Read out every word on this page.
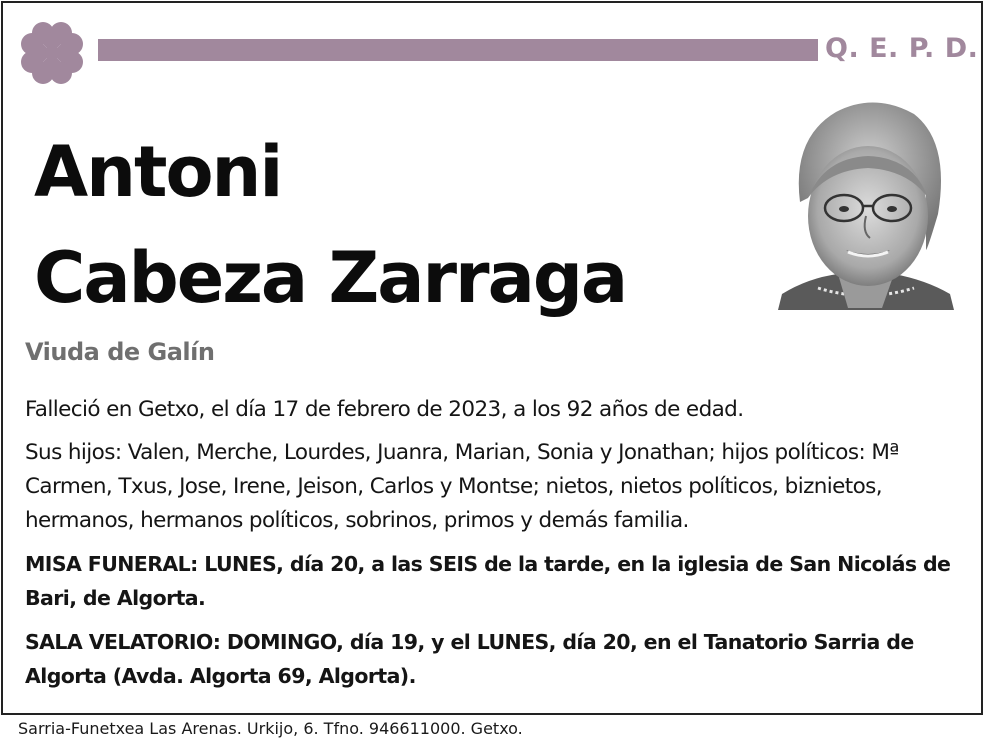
Q. E. P. D.
Antoni
Cabeza Zarraga
Viuda de Galín
Falleció en Getxo, el día 17 de febrero de 2023, a los 92 años de edad.
Sus hijos: Valen, Merche, Lourdes, Juanra, Marian, Sonia y Jonathan; hijos políticos: Mª Carmen, Txus, Jose, Irene, Jeison, Carlos y Montse; nietos, nietos políticos, biznietos, hermanos, hermanos políticos, sobrinos, primos y demás familia.
MISA FUNERAL: LUNES, día 20, a las SEIS de la tarde, en la iglesia de San Nicolás de Bari, de Algorta.
SALA VELATORIO: DOMINGO, día 19, y el LUNES, día 20, en el Tanatorio Sarria de Algorta (Avda. Algorta 69, Algorta).
Sarria-Funetxea Las Arenas. Urkijo, 6. Tfno. 946611000. Getxo.
